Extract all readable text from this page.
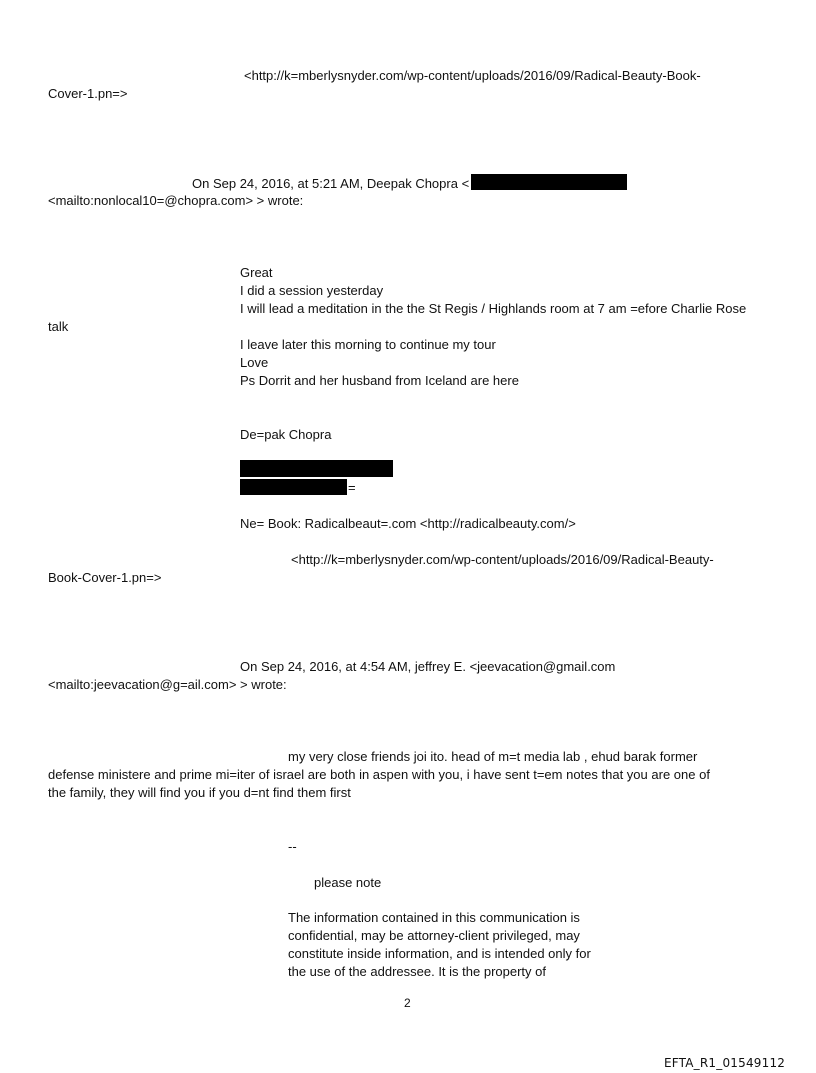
<http://k=mberlysnyder.com/wp-content/uploads/2016/09/Radical-Beauty-Book-
Cover-1.pn=>
On Sep 24, 2016, at 5:21 AM, Deepak Chopra <
<mailto:nonlocal10=@chopra.com> > wrote:
Great
I did a session yesterday
I will lead a meditation in the the St Regis / Highlands room at 7 am =efore Charlie Rose
talk
I leave later this morning to continue my tour
Love
Ps Dorrit and her husband from Iceland are here
De=pak Chopra
=
Ne= Book: Radicalbeaut=.com <http://radicalbeauty.com/>
<http://k=mberlysnyder.com/wp-content/uploads/2016/09/Radical-Beauty-
Book-Cover-1.pn=>
On Sep 24, 2016, at 4:54 AM, jeffrey E. <jeevacation@gmail.com
<mailto:jeevacation@g=ail.com> > wrote:
my very close friends joi ito. head of m=t media lab , ehud barak former
defense ministere and prime mi=iter of israel are both in aspen with you, i have sent t=em notes that you are one of
the family, they will find you if you d=nt find them first
--
please note
The information contained in this communication is
confidential, may be attorney-client privileged, may
constitute inside information, and is intended only for
the use of the addressee. It is the property of
2
EFTA_R1_01549112
